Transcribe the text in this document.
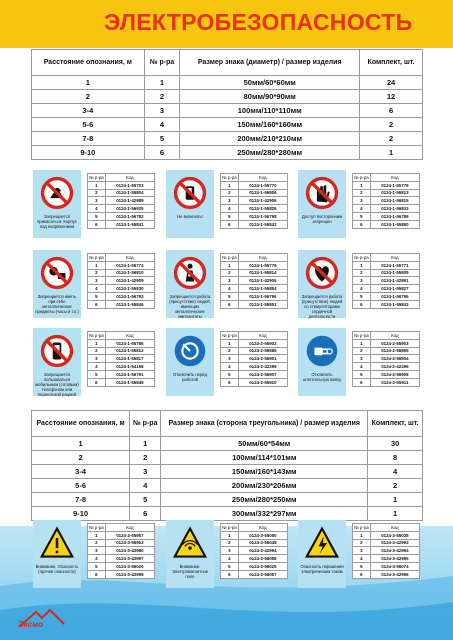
ЭЛЕКТРОБЕЗОПАСНОСТЬ
Расстояние опознания, м	№ р-ра	Размер знака (диаметр) / размер изделия	Комплект, шт.
1	1	50мм/60*60мм	24
2	2	80мм/90*90мм	12
3-4	3	100мм/110*110мм	6
5-6	4	150мм/160*160мм	2
7-8	5	200мм/210*210мм	2
9-10	6	250мм/280*280мм	1
Расстояние опознания, м	№ р-ра	Размер знака (сторона треугольника) / размер изделия	Комплект, шт.
1	1	50мм/60*54мм	30
2	2	100мм/114*101мм	8
3-4	3	150мм/160*143мм	4
5-6	4	200мм/230*206мм	2
7-8	5	250мм/280*250мм	1
9-10	6	300мм/332*297мм	1
Запрещается прикасаться. Корпус под напряжением
№ р-ра	Код
1	0124-1-55703
2	0124-1-55804
3	0124-1-42989
4	0124-1-56925
5	0124-1-56782
6	0124-1-55841
Не включать!
№ р-ра	Код
1	0124-1-55770
2	0124-1-56806
3	0124-1-42906
4	0124-1-55826
5	0124-1-56798
6	0124-1-55842
Доступ посторонним запрещен
№ р-ра	Код
1	0124-1-55779
2	0124-1-56813
3	0124-1-56815
4	0124-1-56833
5	0124-1-56789
6	0124-1-55850
Запрещается иметь при себе металлические предметы (часы и т.п.)
№ р-ра	Код
1	0124-1-55774
2	0124-1-56810
3	0124-1-42909
4	0124-1-55830
5	0124-1-56793
6	0124-1-55846
Запрещается работа (присутствие) людей, имеющих металлические имплантаты
№ р-ра	Код
1	0124-1-55779
2	0124-1-55814
3	0124-1-42905
4	0124-1-55854
5	0124-1-56796
6	0124-1-55851
Запрещается работа (присутствие) людей со стимуляторами сердечной деятельности
№ р-ра	Код
1	0124-1-55771
2	0124-1-55809
3	0124-1-42891
4	0124-1-55827
5	0124-1-56795
6	0124-1-55843
Запрещается пользоваться мобильным (сотовым) телефоном или переносной рацией
№ р-ра	Код
1	0124-1-55786
2	0124-1-55812
3	0124-1-55817
4	0124-1-54158
5	0124-1-56791
6	0124-1-55849
Отключить перед работой
№ р-ра	Код
1	0124-2-55902
2	0124-2-56886
3	0124-2-56901
4	0124-2-42299
5	0124-2-56907
6	0124-2-55910
Отключить штепсельную вилку
№ р-ра	Код
1	0124-2-55903
2	0124-2-56895
3	0124-2-56904
4	0124-2-42299
5	0124-2-56908
6	0124-2-55911
Внимание. Опасность (прочие опасности)
№ р-ра	Код
1	0124-3-55957
2	0124-3-56953
3	0124-3-42980
4	0124-3-42997
5	0124-3-56020
6	0124-3-42998
Внимание. Электромагнитное поле
№ р-ра	Код
1	0124-3-55050
2	0124-3-56048
3	0124-3-42994
4	0124-3-56058
5	0124-3-56025
6	0124-3-56057
Опасность поражения электрическим током
№ р-ра	Код
1	0124-3-55038
2	0124-3-42993
3	0124-3-42994
4	0124-3-42995
5	0124-3-56074
6	0124-3-42996
Эксмо
